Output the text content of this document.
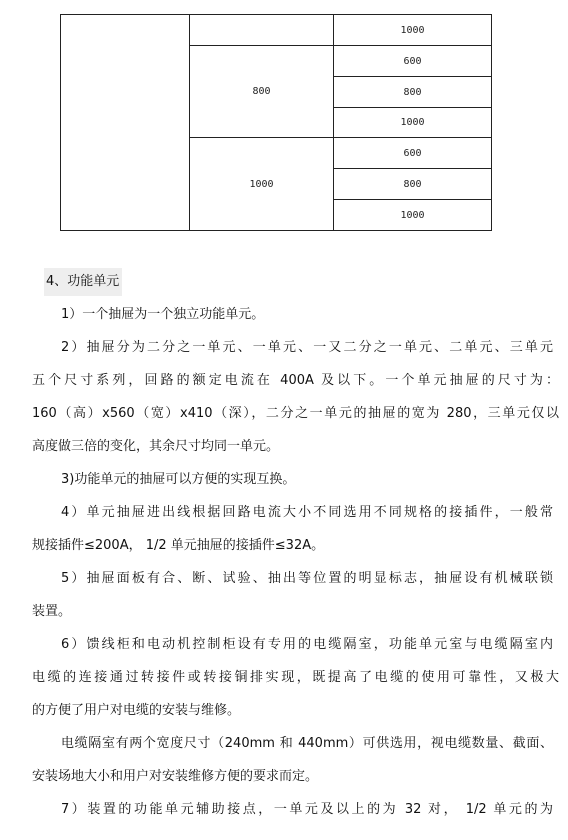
800
1000
1000
600
800
1000
600
800
1000
4、功能单元
1）一个抽屉为一个独立功能单元。
2）抽屉分为二分之一单元、一单元、一又二分之一单元、二单元、三单元
五个尺寸系列，回路的额定电流在 400A 及以下。一个单元抽屉的尺寸为：
160（高）x560（宽）x410（深），二分之一单元的抽屉的宽为 280，三单元仅以
高度做三倍的变化，其余尺寸均同一单元。
3)功能单元的抽屉可以方便的实现互换。
4）单元抽屉进出线根据回路电流大小不同选用不同规格的接插件，一般常
规接插件≤200A， 1/2 单元抽屉的接插件≤32A。
5）抽屉面板有合、断、试验、抽出等位置的明显标志，抽屉设有机械联锁
装置。
6）馈线柜和电动机控制柜设有专用的电缆隔室，功能单元室与电缆隔室内
电缆的连接通过转接件或转接铜排实现，既提高了电缆的使用可靠性，又极大
的方便了用户对电缆的安装与维修。
电缆隔室有两个宽度尺寸（240mm 和 440mm）可供选用，视电缆数量、截面、
安装场地大小和用户对安装维修方便的要求而定。
7）装置的功能单元辅助接点，一单元及以上的为 32 对， 1/2 单元的为
